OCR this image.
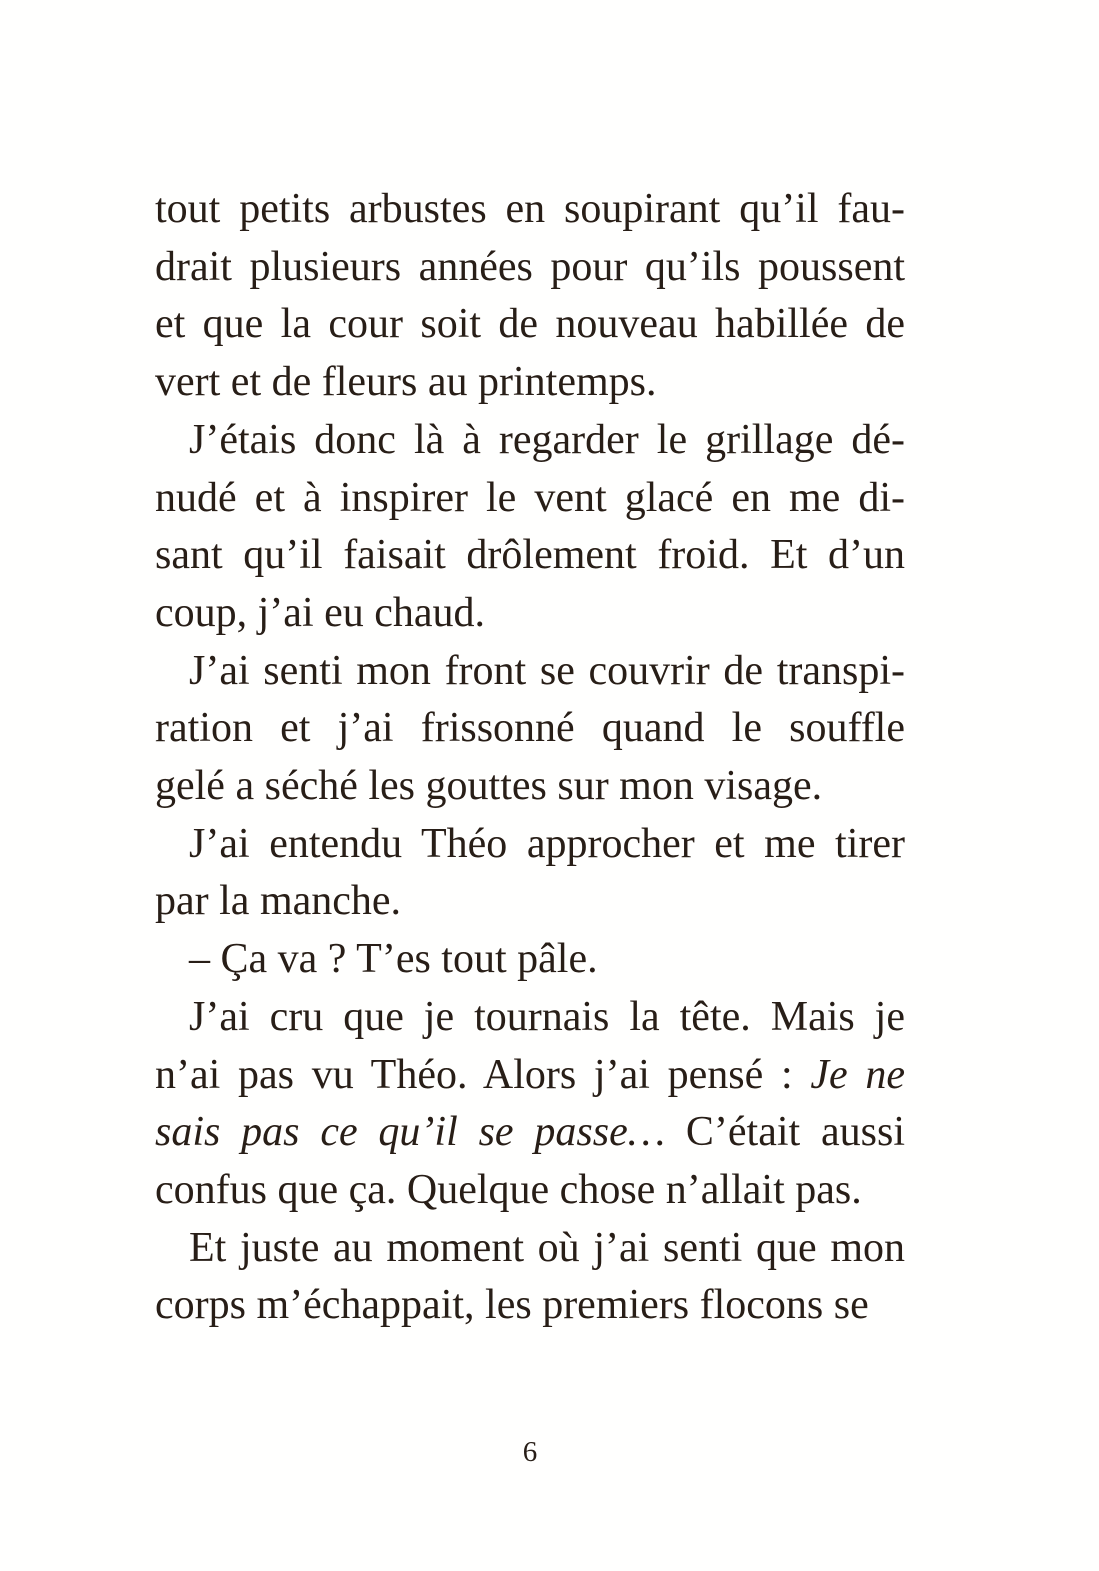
tout petits arbustes en soupirant qu’il fau-
drait plusieurs années pour qu’ils poussent
et que la cour soit de nouveau habillée de
vert et de fleurs au printemps.
J’étais donc là à regarder le grillage dé-
nudé et à inspirer le vent glacé en me di-
sant qu’il faisait drôlement froid. Et d’un
coup, j’ai eu chaud.
J’ai senti mon front se couvrir de transpi-
ration et j’ai frissonné quand le souffle
gelé a séché les gouttes sur mon visage.
J’ai entendu Théo approcher et me tirer
par la manche.
– Ça va ? T’es tout pâle.
J’ai cru que je tournais la tête. Mais je
n’ai pas vu Théo. Alors j’ai pensé : Je ne
sais pas ce qu’il se passe… C’était aussi
confus que ça. Quelque chose n’allait pas.
Et juste au moment où j’ai senti que mon
corps m’échappait, les premiers flocons se
6
